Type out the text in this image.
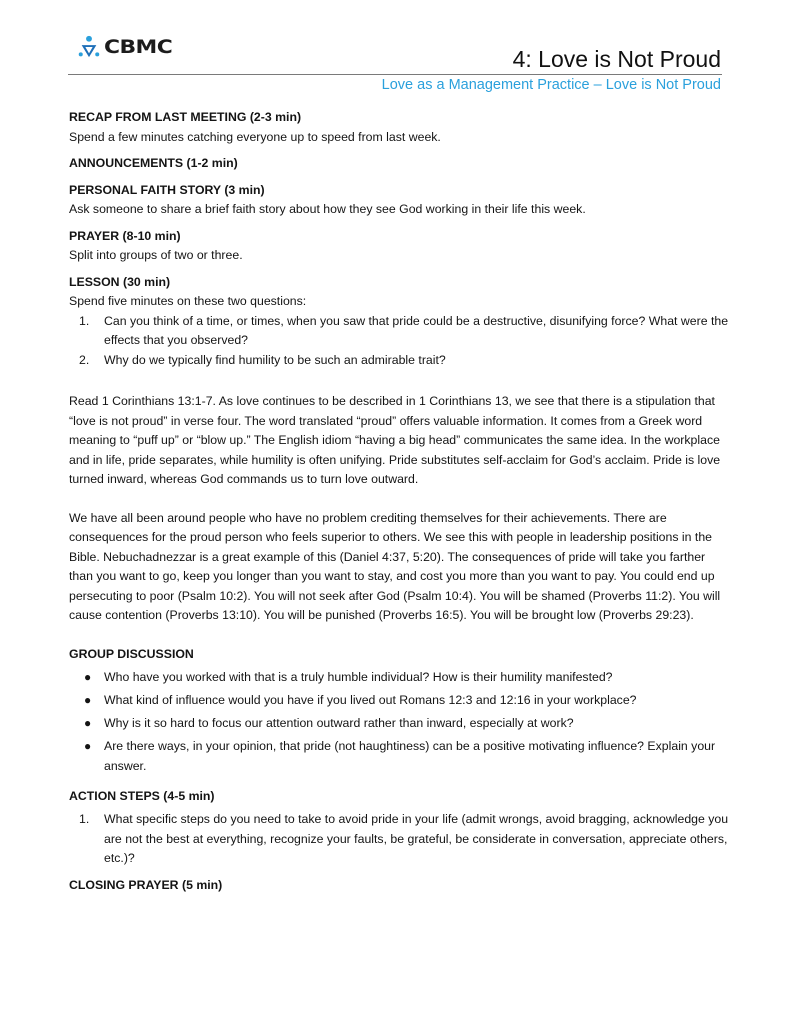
CBMC	4: Love is Not Proud
Love as a Management Practice – Love is Not Proud

RECAP FROM LAST MEETING (2-3 min)

Spend a few minutes catching everyone up to speed from last week.

ANNOUNCEMENTS (1-2 min)

PERSONAL FAITH STORY (3 min)

Ask someone to share a brief faith story about how they see God working in their life this week.

PRAYER (8-10 min)

Split into groups of two or three.

LESSON (30 min)

Spend five minutes on these two questions:

1. Can you think of a time, or times, when you saw that pride could be a destructive, disunifying force? What were the effects that you observed?
2. Why do we typically find humility to be such an admirable trait?

Read 1 Corinthians 13:1-7. As love continues to be described in 1 Corinthians 13, we see that there is a stipulation that “love is not proud” in verse four. The word translated “proud” offers valuable information. It comes from a Greek word meaning to “puff up” or “blow up.” The English idiom “having a big head” communicates the same idea. In the workplace and in life, pride separates, while humility is often unifying. Pride substitutes self-acclaim for God’s acclaim. Pride is love turned inward, whereas God commands us to turn love outward.

We have all been around people who have no problem crediting themselves for their achievements. There are consequences for the proud person who feels superior to others. We see this with people in leadership positions in the Bible. Nebuchadnezzar is a great example of this (Daniel 4:37, 5:20). The consequences of pride will take you farther than you want to go, keep you longer than you want to stay, and cost you more than you want to pay. You could end up persecuting to poor (Psalm 10:2). You will not seek after God (Psalm 10:4). You will be shamed (Proverbs 11:2). You will cause contention (Proverbs 13:10). You will be punished (Proverbs 16:5). You will be brought low (Proverbs 29:23).

GROUP DISCUSSION

● Who have you worked with that is a truly humble individual? How is their humility manifested?
● What kind of influence would you have if you lived out Romans 12:3 and 12:16 in your workplace?
● Why is it so hard to focus our attention outward rather than inward, especially at work?
● Are there ways, in your opinion, that pride (not haughtiness) can be a positive motivating influence? Explain your answer.

ACTION STEPS (4-5 min)

1. What specific steps do you need to take to avoid pride in your life (admit wrongs, avoid bragging, acknowledge you are not the best at everything, recognize your faults, be grateful, be considerate in conversation, appreciate others, etc.)?

CLOSING PRAYER (5 min)
